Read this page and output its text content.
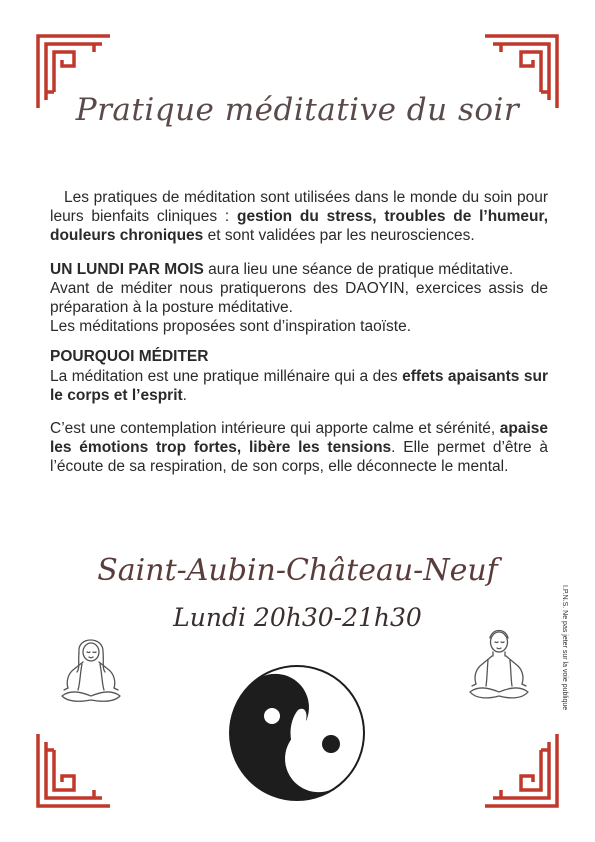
Pratique méditative du soir

Les pratiques de méditation sont utilisées dans le monde du soin pour leurs bienfaits cliniques : gestion du stress, troubles de l’humeur, douleurs chroniques et sont validées par les neurosciences.

UN LUNDI PAR MOIS aura lieu une séance de pratique méditative.

Avant de méditer nous pratiquerons des DAOYIN, exercices assis de préparation à la posture méditative.

Les méditations proposées sont d’inspiration taoïste.

POURQUOI MÉDITER

La méditation est une pratique millénaire qui a des effets apaisants sur le corps et l’esprit.

C’est une contemplation intérieure qui apporte calme et sérénité, apaise les émotions trop fortes, libère les tensions. Elle permet d’être à l’écoute de sa respiration, de son corps, elle déconnecte le mental.

Saint-Aubin-Château-Neuf
Lundi 20h30-21h30	I.P.N.S. Ne pas jeter sur la voie publique
